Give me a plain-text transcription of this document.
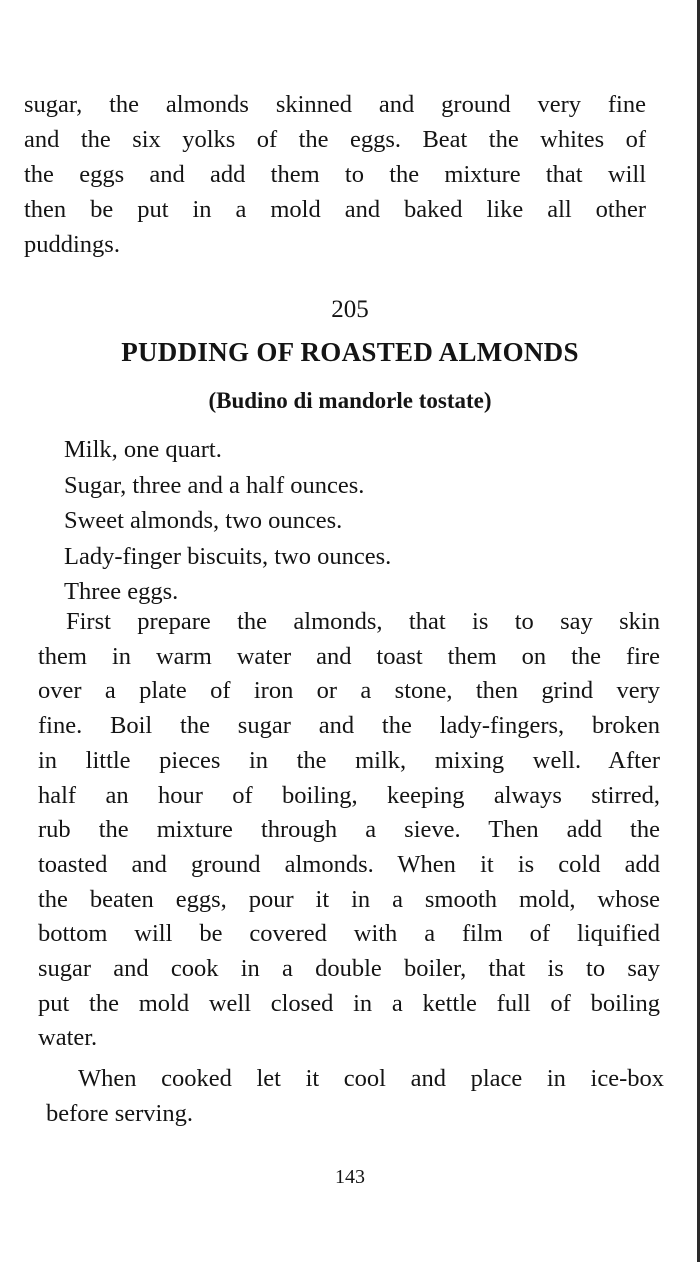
sugar, the almonds skinned and ground very fine
and the six yolks of the eggs. Beat the whites of
the eggs and add them to the mixture that will
then be put in a mold and baked like all other
puddings.

205

PUDDING OF ROASTED ALMONDS

(Budino di mandorle tostate)

Milk, one quart.
Sugar, three and a half ounces.
Sweet almonds, two ounces.
Lady-finger biscuits, two ounces.
Three eggs.
First prepare the almonds, that is to say skin
them in warm water and toast them on the fire
over a plate of iron or a stone, then grind very
fine. Boil the sugar and the lady-fingers, broken
in little pieces in the milk, mixing well. After
half an hour of boiling, keeping always stirred,
rub the mixture through a sieve. Then add the
toasted and ground almonds. When it is cold add
the beaten eggs, pour it in a smooth mold, whose
bottom will be covered with a film of liquified
sugar and cook in a double boiler, that is to say
put the mold well closed in a kettle full of boiling
water.
When cooked let it cool and place in ice-box
before serving.

143
